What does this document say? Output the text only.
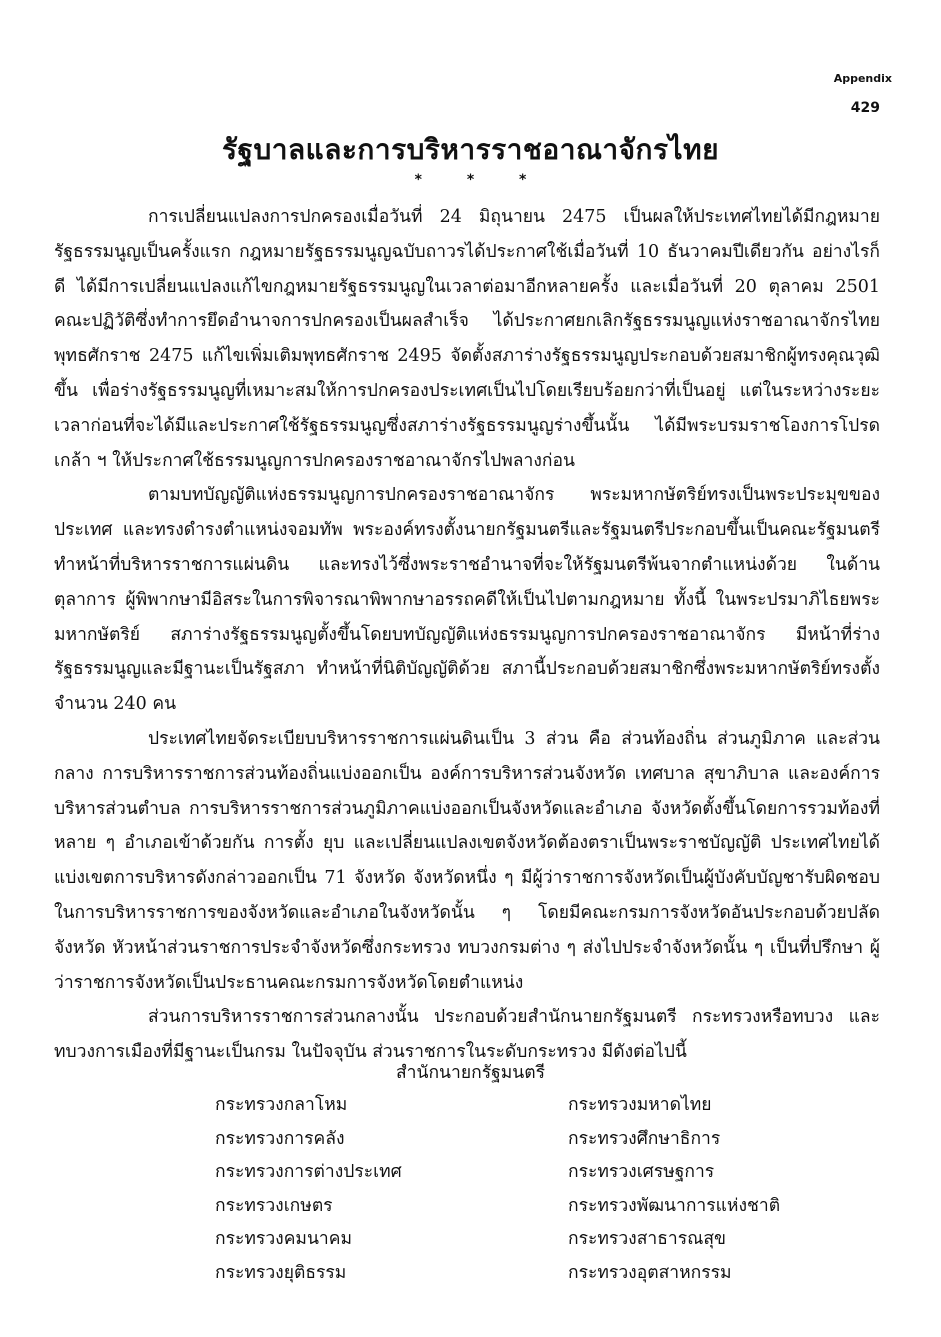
Appendix
429
รัฐบาลและการบริหารราชอาณาจักรไทย
* * *

การเปลี่ยนแปลงการปกครองเมื่อวันที่ 24 มิถุนายน 2475 เป็นผลให้ประเทศไทยได้มีกฎหมายรัฐธรรมนูญเป็นครั้งแรก กฎหมายรัฐธรรมนูญฉบับถาวรได้ประกาศใช้เมื่อวันที่ 10 ธันวาคมปีเดียวกัน อย่างไรก็ดี ได้มีการเปลี่ยนแปลงแก้ไขกฎหมายรัฐธรรมนูญในเวลาต่อมาอีกหลายครั้ง และเมื่อวันที่ 20 ตุลาคม 2501 คณะปฏิวัติซึ่งทำการยึดอำนาจการปกครองเป็นผลสำเร็จ ได้ประกาศยกเลิกรัฐธรรมนูญแห่งราชอาณาจักรไทย พุทธศักราช 2475 แก้ไขเพิ่มเติมพุทธศักราช 2495 จัดตั้งสภาร่างรัฐธรรมนูญประกอบด้วยสมาชิกผู้ทรงคุณวุฒิขึ้น เพื่อร่างรัฐธรรมนูญที่เหมาะสมให้การปกครองประเทศเป็นไปโดยเรียบร้อยกว่าที่เป็นอยู่ แต่ในระหว่างระยะเวลาก่อนที่จะได้มีและประกาศใช้รัฐธรรมนูญซึ่งสภาร่างรัฐธรรมนูญร่างขึ้นนั้น ได้มีพระบรมราชโองการโปรดเกล้า ฯ ให้ประกาศใช้ธรรมนูญการปกครองราชอาณาจักรไปพลางก่อน

ตามบทบัญญัติแห่งธรรมนูญการปกครองราชอาณาจักร พระมหากษัตริย์ทรงเป็นพระประมุขของประเทศ และทรงดำรงตำแหน่งจอมทัพ พระองค์ทรงตั้งนายกรัฐมนตรีและรัฐมนตรีประกอบขึ้นเป็นคณะรัฐมนตรี ทำหน้าที่บริหารราชการแผ่นดิน และทรงไว้ซึ่งพระราชอำนาจที่จะให้รัฐมนตรีพ้นจากตำแหน่งด้วย ในด้านตุลาการ ผู้พิพากษามีอิสระในการพิจารณาพิพากษาอรรถคดีให้เป็นไปตามกฎหมาย ทั้งนี้ ในพระปรมาภิไธยพระมหากษัตริย์ สภาร่างรัฐธรรมนูญตั้งขึ้นโดยบทบัญญัติแห่งธรรมนูญการปกครองราชอาณาจักร มีหน้าที่ร่างรัฐธรรมนูญและมีฐานะเป็นรัฐสภา ทำหน้าที่นิติบัญญัติด้วย สภานี้ประกอบด้วยสมาชิกซึ่งพระมหากษัตริย์ทรงตั้งจำนวน 240 คน

ประเทศไทยจัดระเบียบบริหารราชการแผ่นดินเป็น 3 ส่วน คือ ส่วนท้องถิ่น ส่วนภูมิภาค และส่วนกลาง การบริหารราชการส่วนท้องถิ่นแบ่งออกเป็น องค์การบริหารส่วนจังหวัด เทศบาล สุขาภิบาล และองค์การบริหารส่วนตำบล การบริหารราชการส่วนภูมิภาคแบ่งออกเป็นจังหวัดและอำเภอ จังหวัดตั้งขึ้นโดยการรวมท้องที่หลาย ๆ อำเภอเข้าด้วยกัน การตั้ง ยุบ และเปลี่ยนแปลงเขตจังหวัดต้องตราเป็นพระราชบัญญัติ ประเทศไทยได้แบ่งเขตการบริหารดังกล่าวออกเป็น 71 จังหวัด จังหวัดหนึ่ง ๆ มีผู้ว่าราชการจังหวัดเป็นผู้บังคับบัญชารับผิดชอบในการบริหารราชการของจังหวัดและอำเภอในจังหวัดนั้น ๆ โดยมีคณะกรมการจังหวัดอันประกอบด้วยปลัดจังหวัด หัวหน้าส่วนราชการประจำจังหวัดซึ่งกระทรวง ทบวงกรมต่าง ๆ ส่งไปประจำจังหวัดนั้น ๆ เป็นที่ปรึกษา ผู้ว่าราชการจังหวัดเป็นประธานคณะกรมการจังหวัดโดยตำแหน่ง

ส่วนการบริหารราชการส่วนกลางนั้น ประกอบด้วยสำนักนายกรัฐมนตรี กระทรวงหรือทบวง และทบวงการเมืองที่มีฐานะเป็นกรม ในปัจจุบัน ส่วนราชการในระดับกระทรวง มีดังต่อไปนี้

สำนักนายกรัฐมนตรี
กระทรวงกลาโหม	กระทรวงมหาดไทย
กระทรวงการคลัง	กระทรวงศึกษาธิการ
กระทรวงการต่างประเทศ	กระทรวงเศรษฐการ
กระทรวงเกษตร	กระทรวงพัฒนาการแห่งชาติ
กระทรวงคมนาคม	กระทรวงสาธารณสุข
กระทรวงยุติธรรม	กระทรวงอุตสาหกรรม
